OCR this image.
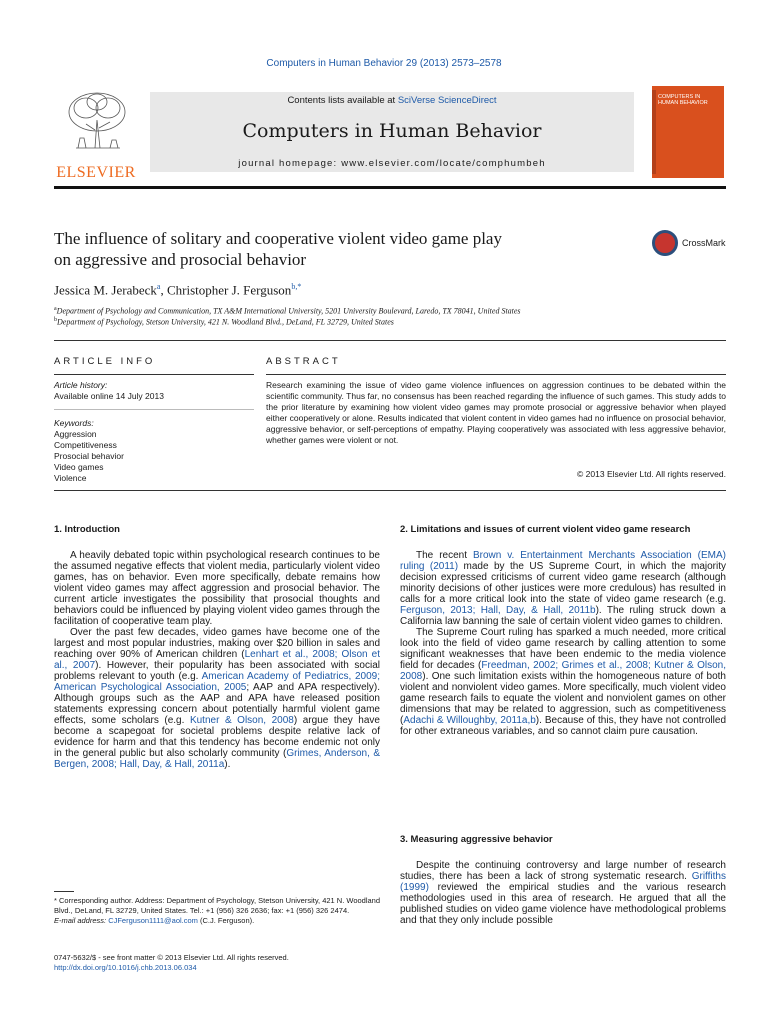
Computers in Human Behavior 29 (2013) 2573–2578
ELSEVIER
Contents lists available at SciVerse ScienceDirect
Computers in Human Behavior
journal homepage: www.elsevier.com/locate/comphumbeh
COMPUTERS IN HUMAN BEHAVIOR
The influence of solitary and cooperative violent video game play
on aggressive and prosocial behavior
CrossMark
Jessica M. Jerabeck$^a$, Christopher J. Ferguson$^{b,*}$
$^a$Department of Psychology and Communication, TX A&M International University, 5201 University Boulevard, Laredo, TX 78041, United States
$^b$Department of Psychology, Stetson University, 421 N. Woodland Blvd., DeLand, FL 32729, United States
ARTICLE INFO	ABSTRACT
Article history:
Available online 14 July 2013
Keywords:
Aggression
Competitiveness
Prosocial behavior
Video games
Violence
Research examining the issue of video game violence influences on aggression continues to be debated within the scientific community. Thus far, no consensus has been reached regarding the influence of such games. This study adds to the prior literature by examining how violent video games may promote prosocial or aggressive behavior when played either cooperatively or alone. Results indicated that violent content in video games had no influence on prosocial behavior, aggressive behavior, or self-perceptions of empathy. Playing cooperatively was associated with less aggressive behavior, whether games were violent or not.
© 2013 Elsevier Ltd. All rights reserved.
1. Introduction

A heavily debated topic within psychological research continues to be the assumed negative effects that violent media, particularly violent video games, has on behavior. Even more specifically, debate remains how violent video games may affect aggression and prosocial behavior. The current article investigates the possibility that prosocial thoughts and behaviors could be influenced by playing violent video games through the facilitation of cooperative team play.

Over the past few decades, video games have become one of the largest and most popular industries, making over $20 billion in sales and reaching over 90% of American children (Lenhart et al., 2008; Olson et al., 2007). However, their popularity has been associated with social problems relevant to youth (e.g. American Academy of Pediatrics, 2009; American Psychological Association, 2005; AAP and APA respectively). Although groups such as the AAP and APA have released position statements expressing concern about potentially harmful violent game effects, some scholars (e.g. Kutner & Olson, 2008) argue they have become a scapegoat for societal problems despite relative lack of evidence for harm and that this tendency has become endemic not only in the general public but also scholarly community (Grimes, Anderson, & Bergen, 2008; Hall, Day, & Hall, 2011a).

2. Limitations and issues of current violent video game research

The recent Brown v. Entertainment Merchants Association (EMA) ruling (2011) made by the US Supreme Court, in which the majority decision expressed criticisms of current video game research (although minority decisions of other justices were more credulous) has resulted in calls for a more critical look into the state of video game research (e.g. Ferguson, 2013; Hall, Day, & Hall, 2011b). The ruling struck down a California law banning the sale of certain violent video games to children.

The Supreme Court ruling has sparked a much needed, more critical look into the field of video game research by calling attention to some significant weaknesses that have been endemic to the media violence field for decades (Freedman, 2002; Grimes et al., 2008; Kutner & Olson, 2008). One such limitation exists within the homogeneous nature of both violent and nonviolent video games. More specifically, much violent video game research fails to equate the violent and nonviolent games on other dimensions that may be related to aggression, such as competitiveness (Adachi & Willoughby, 2011a,b). Because of this, they have not controlled for other extraneous variables, and so cannot claim pure causation.

3. Measuring aggressive behavior

Despite the continuing controversy and large number of research studies, there has been a lack of strong systematic research. Griffiths (1999) reviewed the empirical studies and the various research methodologies used in this area of research. He argued that all the published studies on video game violence have methodological problems and that they only include possible

* Corresponding author. Address: Department of Psychology, Stetson University, 421 N. Woodland Blvd., DeLand, FL 32729, United States. Tel.: +1 (956) 326 2636; fax: +1 (956) 326 2474.
E-mail address: CJFerguson1111@aol.com (C.J. Ferguson).
0747-5632/$ - see front matter © 2013 Elsevier Ltd. All rights reserved.
http://dx.doi.org/10.1016/j.chb.2013.06.034
